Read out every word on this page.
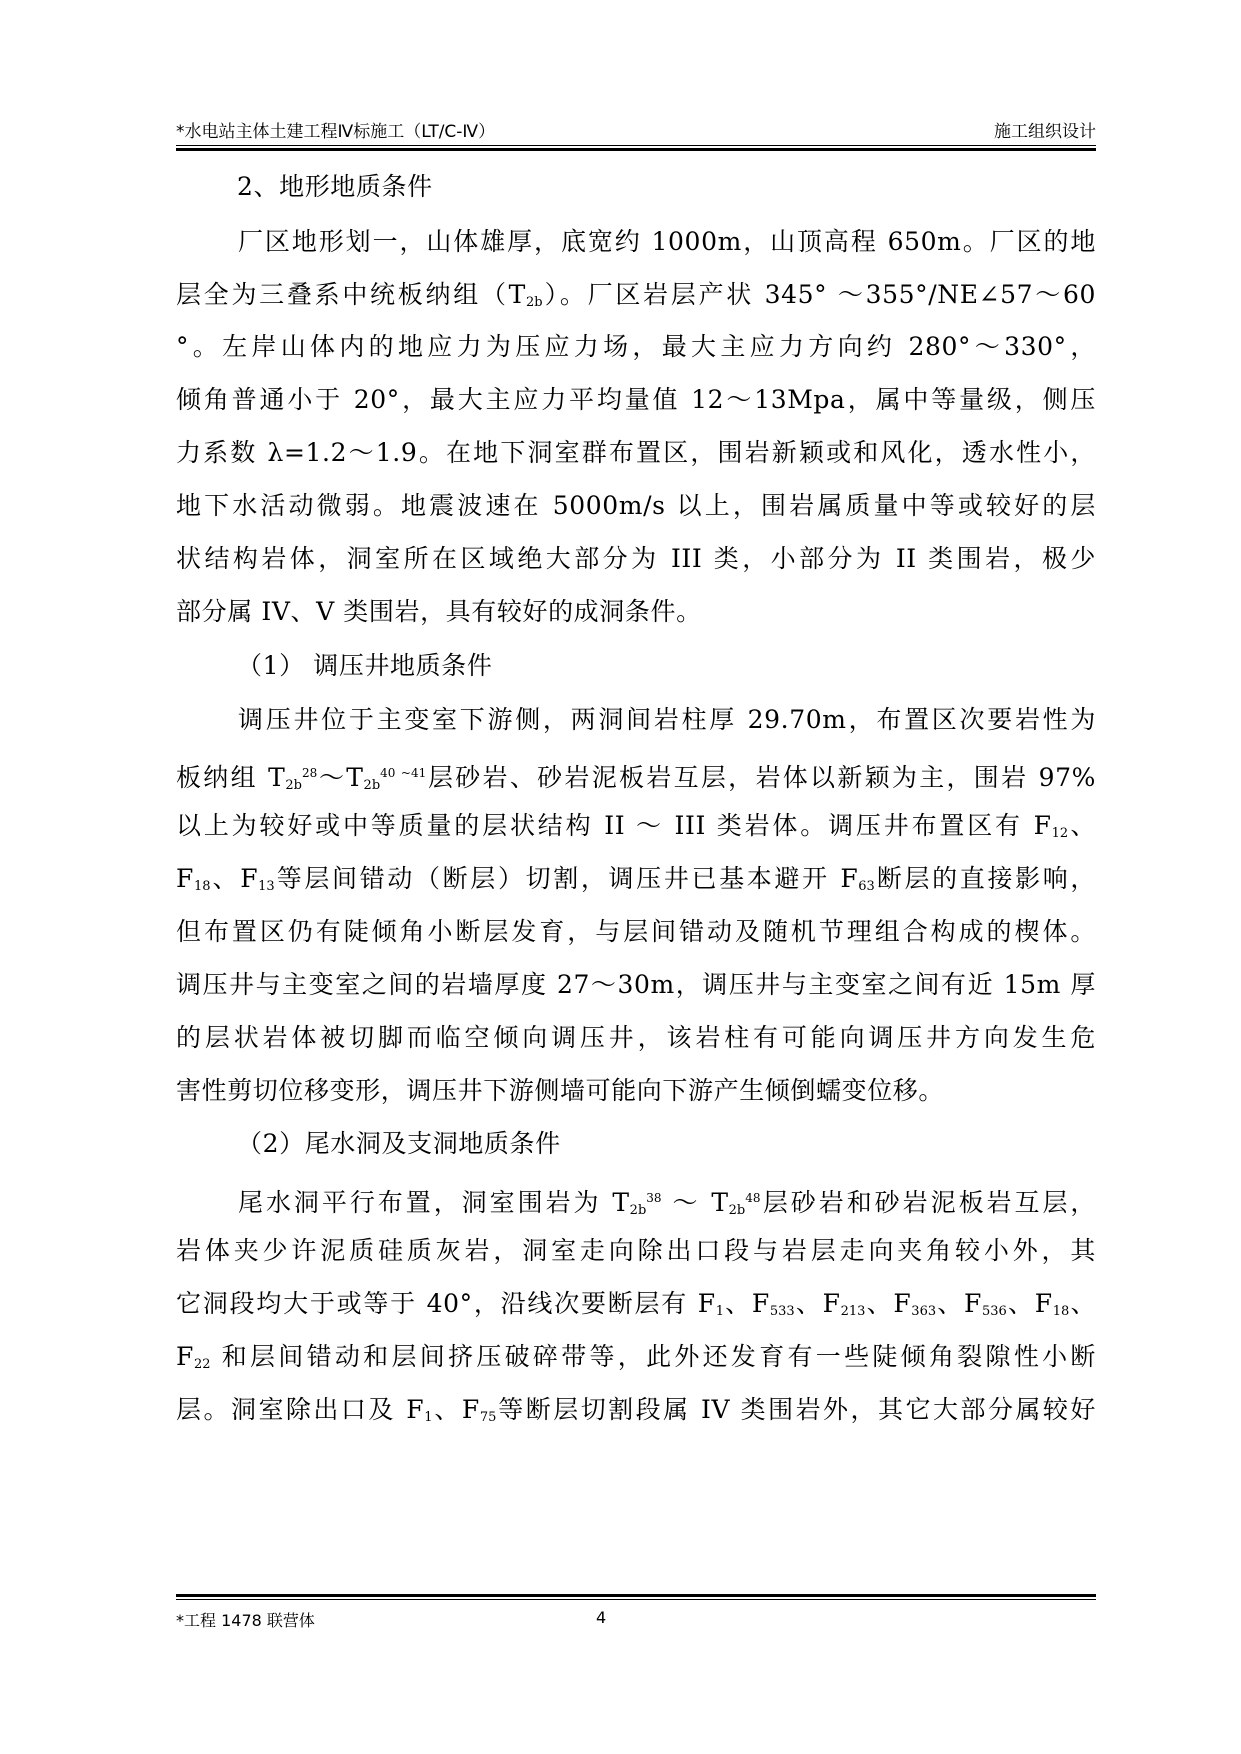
*水电站主体土建工程Ⅳ标施工（LT/C-Ⅳ）	施工组织设计
2、地形地质条件
厂区地形划一，山体雄厚，底宽约 1000m，山顶高程 650m。厂区的地
层全为三叠系中统板纳组$(T_{2b})$。厂区岩层产状 345° ～355°/NE∠57～60
°。左岸山体内的地应力为压应力场，最大主应力方向约 280°～330°，
倾角普通小于 20°，最大主应力平均量值 12～13Mpa，属中等量级，侧压
力系数 λ=1.2～1.9。在地下洞室群布置区，围岩新颖或和风化，透水性小，
地下水活动微弱。地震波速在 5000m/s 以上，围岩属质量中等或较好的层
状结构岩体，洞室所在区域绝大部分为 III 类，小部分为 II 类围岩，极少
部分属 IV、V 类围岩，具有较好的成洞条件。
（1） 调压井地质条件
调压井位于主变室下游侧，两洞间岩柱厚 29.70m，布置区次要岩性为
板纳组 $T_{2b}^{28}\sim T_{2b}^{40 \sim 41}$层砂岩、砂岩泥板岩互层，岩体以新颖为主，围岩 97%
以上为较好或中等质量的层状结构 II ～ III 类岩体。调压井布置区有 $F_{12}$、
$F_{18}$、$F_{13}$等层间错动（断层）切割，调压井已基本避开 $F_{63}$断层的直接影响，
但布置区仍有陡倾角小断层发育，与层间错动及随机节理组合构成的楔体。
调压井与主变室之间的岩墙厚度 27～30m，调压井与主变室之间有近 15m 厚
的层状岩体被切脚而临空倾向调压井，该岩柱有可能向调压井方向发生危
害性剪切位移变形，调压井下游侧墙可能向下游产生倾倒蠕变位移。
（2）尾水洞及支洞地质条件
尾水洞平行布置，洞室围岩为 $T_{2b}^{38}$ ～ $T_{2b}^{48}$层砂岩和砂岩泥板岩互层，
岩体夹少许泥质硅质灰岩，洞室走向除出口段与岩层走向夹角较小外，其
它洞段均大于或等于 40°，沿线次要断层有 $F_1$、$F_{533}$、$F_{213}$、$F_{363}$、$F_{536}$、$F_{18}$、
$F_{22}$ 和层间错动和层间挤压破碎带等，此外还发育有一些陡倾角裂隙性小断
层。洞室除出口及 $F_1$、$F_{75}$等断层切割段属 IV 类围岩外，其它大部分属较好
*工程 1478 联营体	4
